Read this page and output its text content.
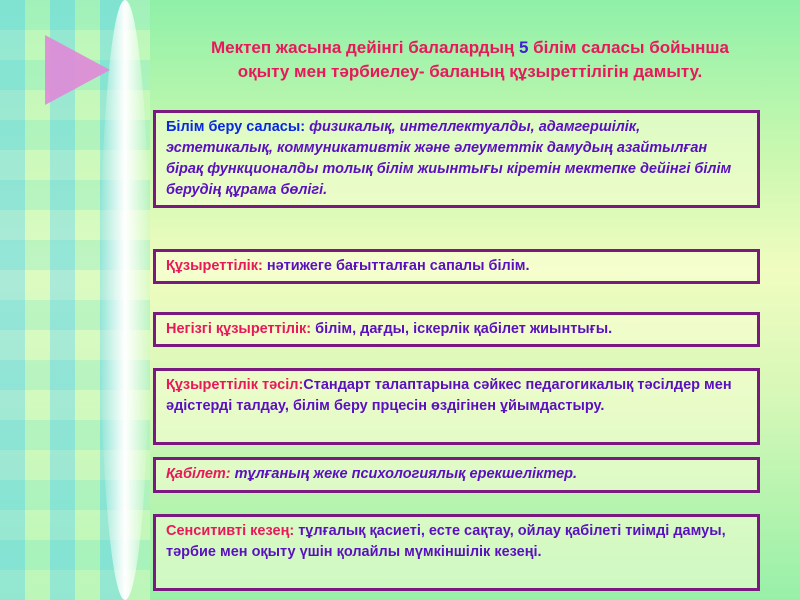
Мектеп жасына дейінгі балалардың 5 білім саласы бойынша
оқыту мен тәрбиелеу- баланың құзыреттілігін дамыту.
Білім беру саласы: физикалық, интеллектуалды, адамгершілік, эстетикалық, коммуникативтік және әлеуметтік дамудың азайтылған бірақ функционалды толық білім жиынтығы кіретін мектепке дейінгі білім берудің құрама бөлігі.
Құзыреттілік: нәтижеге бағытталған сапалы білім.
Негізгі құзыреттілік: білім, дағды, іскерлік қабілет жиынтығы.
Құзыреттілік тәсіл:Стандарт талаптарына сәйкес педагогикалық тәсілдер мен әдістерді талдау, білім беру прцесін өздігінен ұйымдастыру.
Қабілет: тұлғаның жеке психологиялық ерекшеліктер.
Сенситивті кезең: тұлғалық қасиеті, есте сақтау, ойлау қабілеті тиімді дамуы, тәрбие мен оқыту үшін қолайлы мүмкіншілік кезеңі.
